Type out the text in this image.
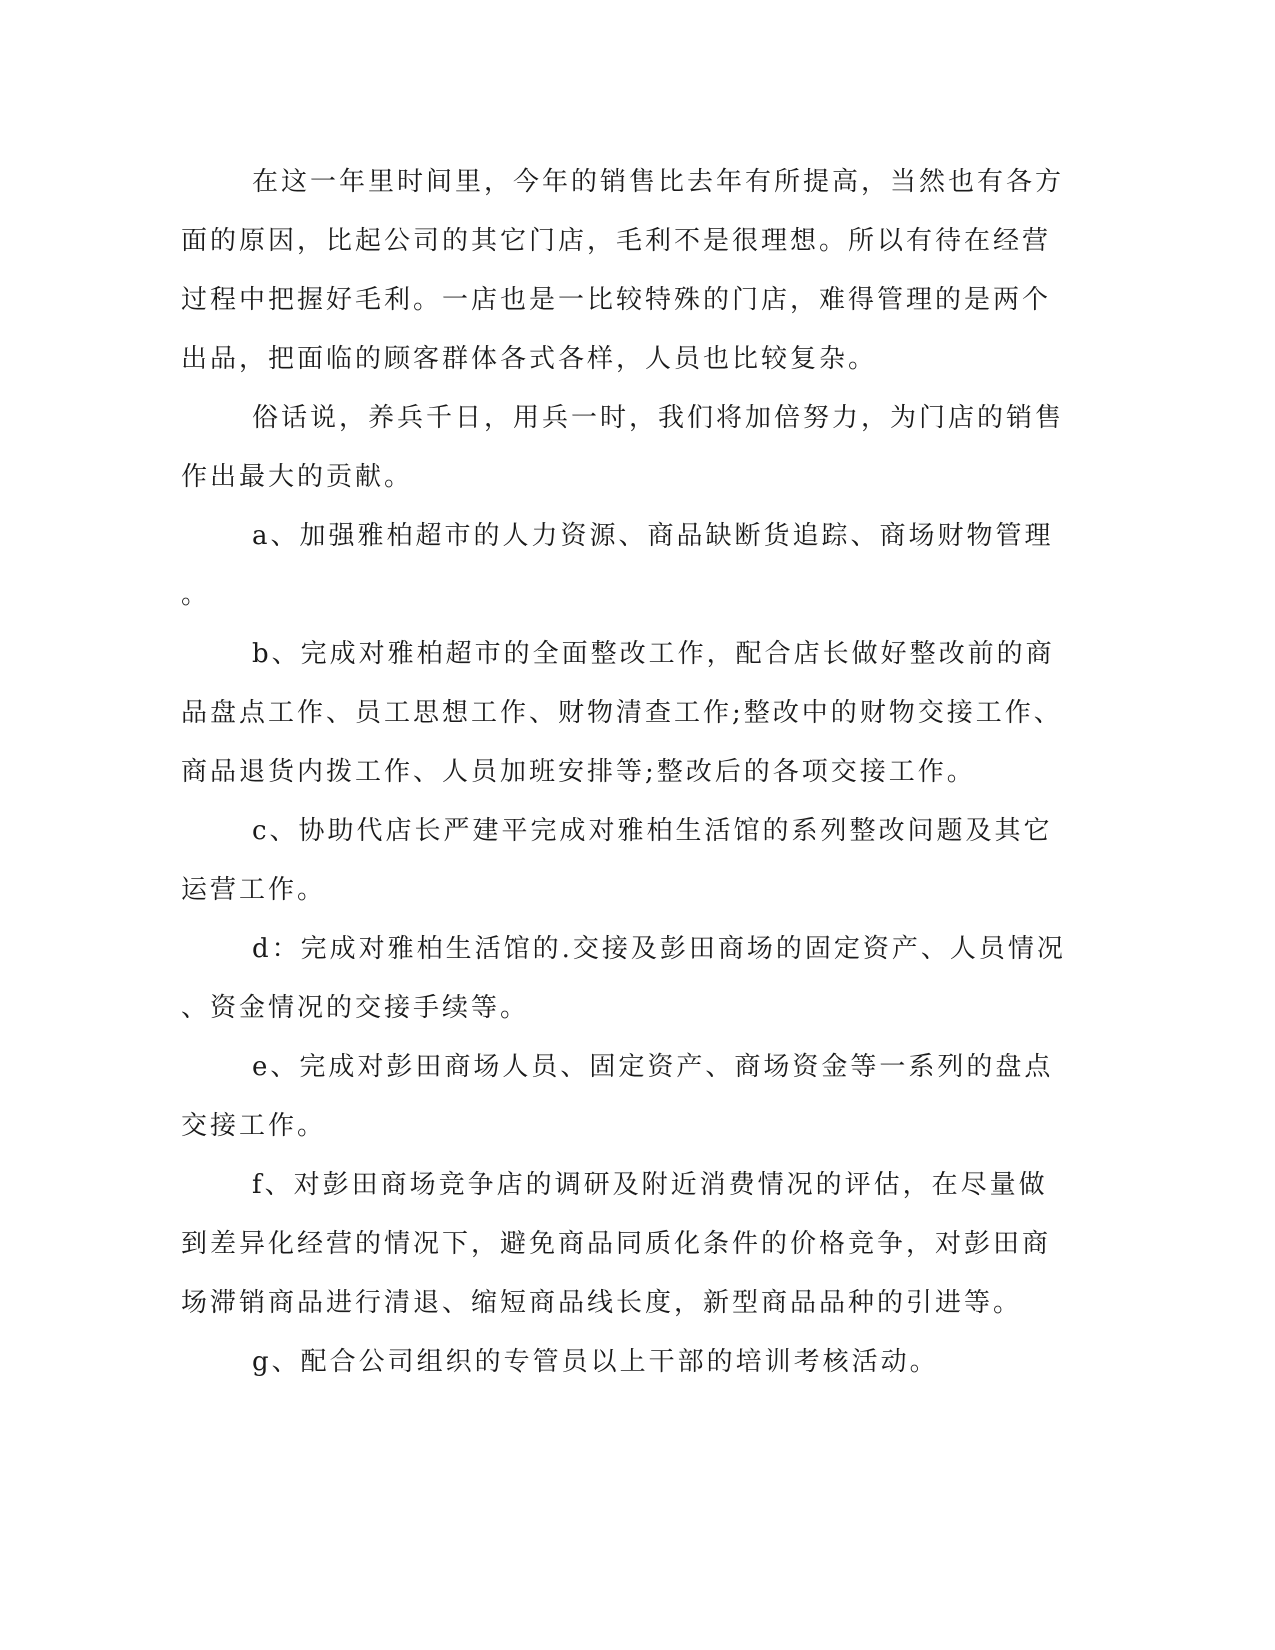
在这一年里时间里，今年的销售比去年有所提高，当然也有各方

面的原因，比起公司的其它门店，毛利不是很理想。所以有待在经营

过程中把握好毛利。一店也是一比较特殊的门店，难得管理的是两个

出品，把面临的顾客群体各式各样，人员也比较复杂。

俗话说，养兵千日，用兵一时，我们将加倍努力，为门店的销售

作出最大的贡献。

a、加强雅柏超市的人力资源、商品缺断货追踪、商场财物管理

。

b、完成对雅柏超市的全面整改工作，配合店长做好整改前的商

品盘点工作、员工思想工作、财物清查工作;整改中的财物交接工作、

商品退货内拨工作、人员加班安排等;整改后的各项交接工作。

c、协助代店长严建平完成对雅柏生活馆的系列整改问题及其它

运营工作。

d：完成对雅柏生活馆的.交接及彭田商场的固定资产、人员情况

、资金情况的交接手续等。

e、完成对彭田商场人员、固定资产、商场资金等一系列的盘点

交接工作。

f、对彭田商场竞争店的调研及附近消费情况的评估，在尽量做

到差异化经营的情况下，避免商品同质化条件的价格竞争，对彭田商

场滞销商品进行清退、缩短商品线长度，新型商品品种的引进等。

g、配合公司组织的专管员以上干部的培训考核活动。
